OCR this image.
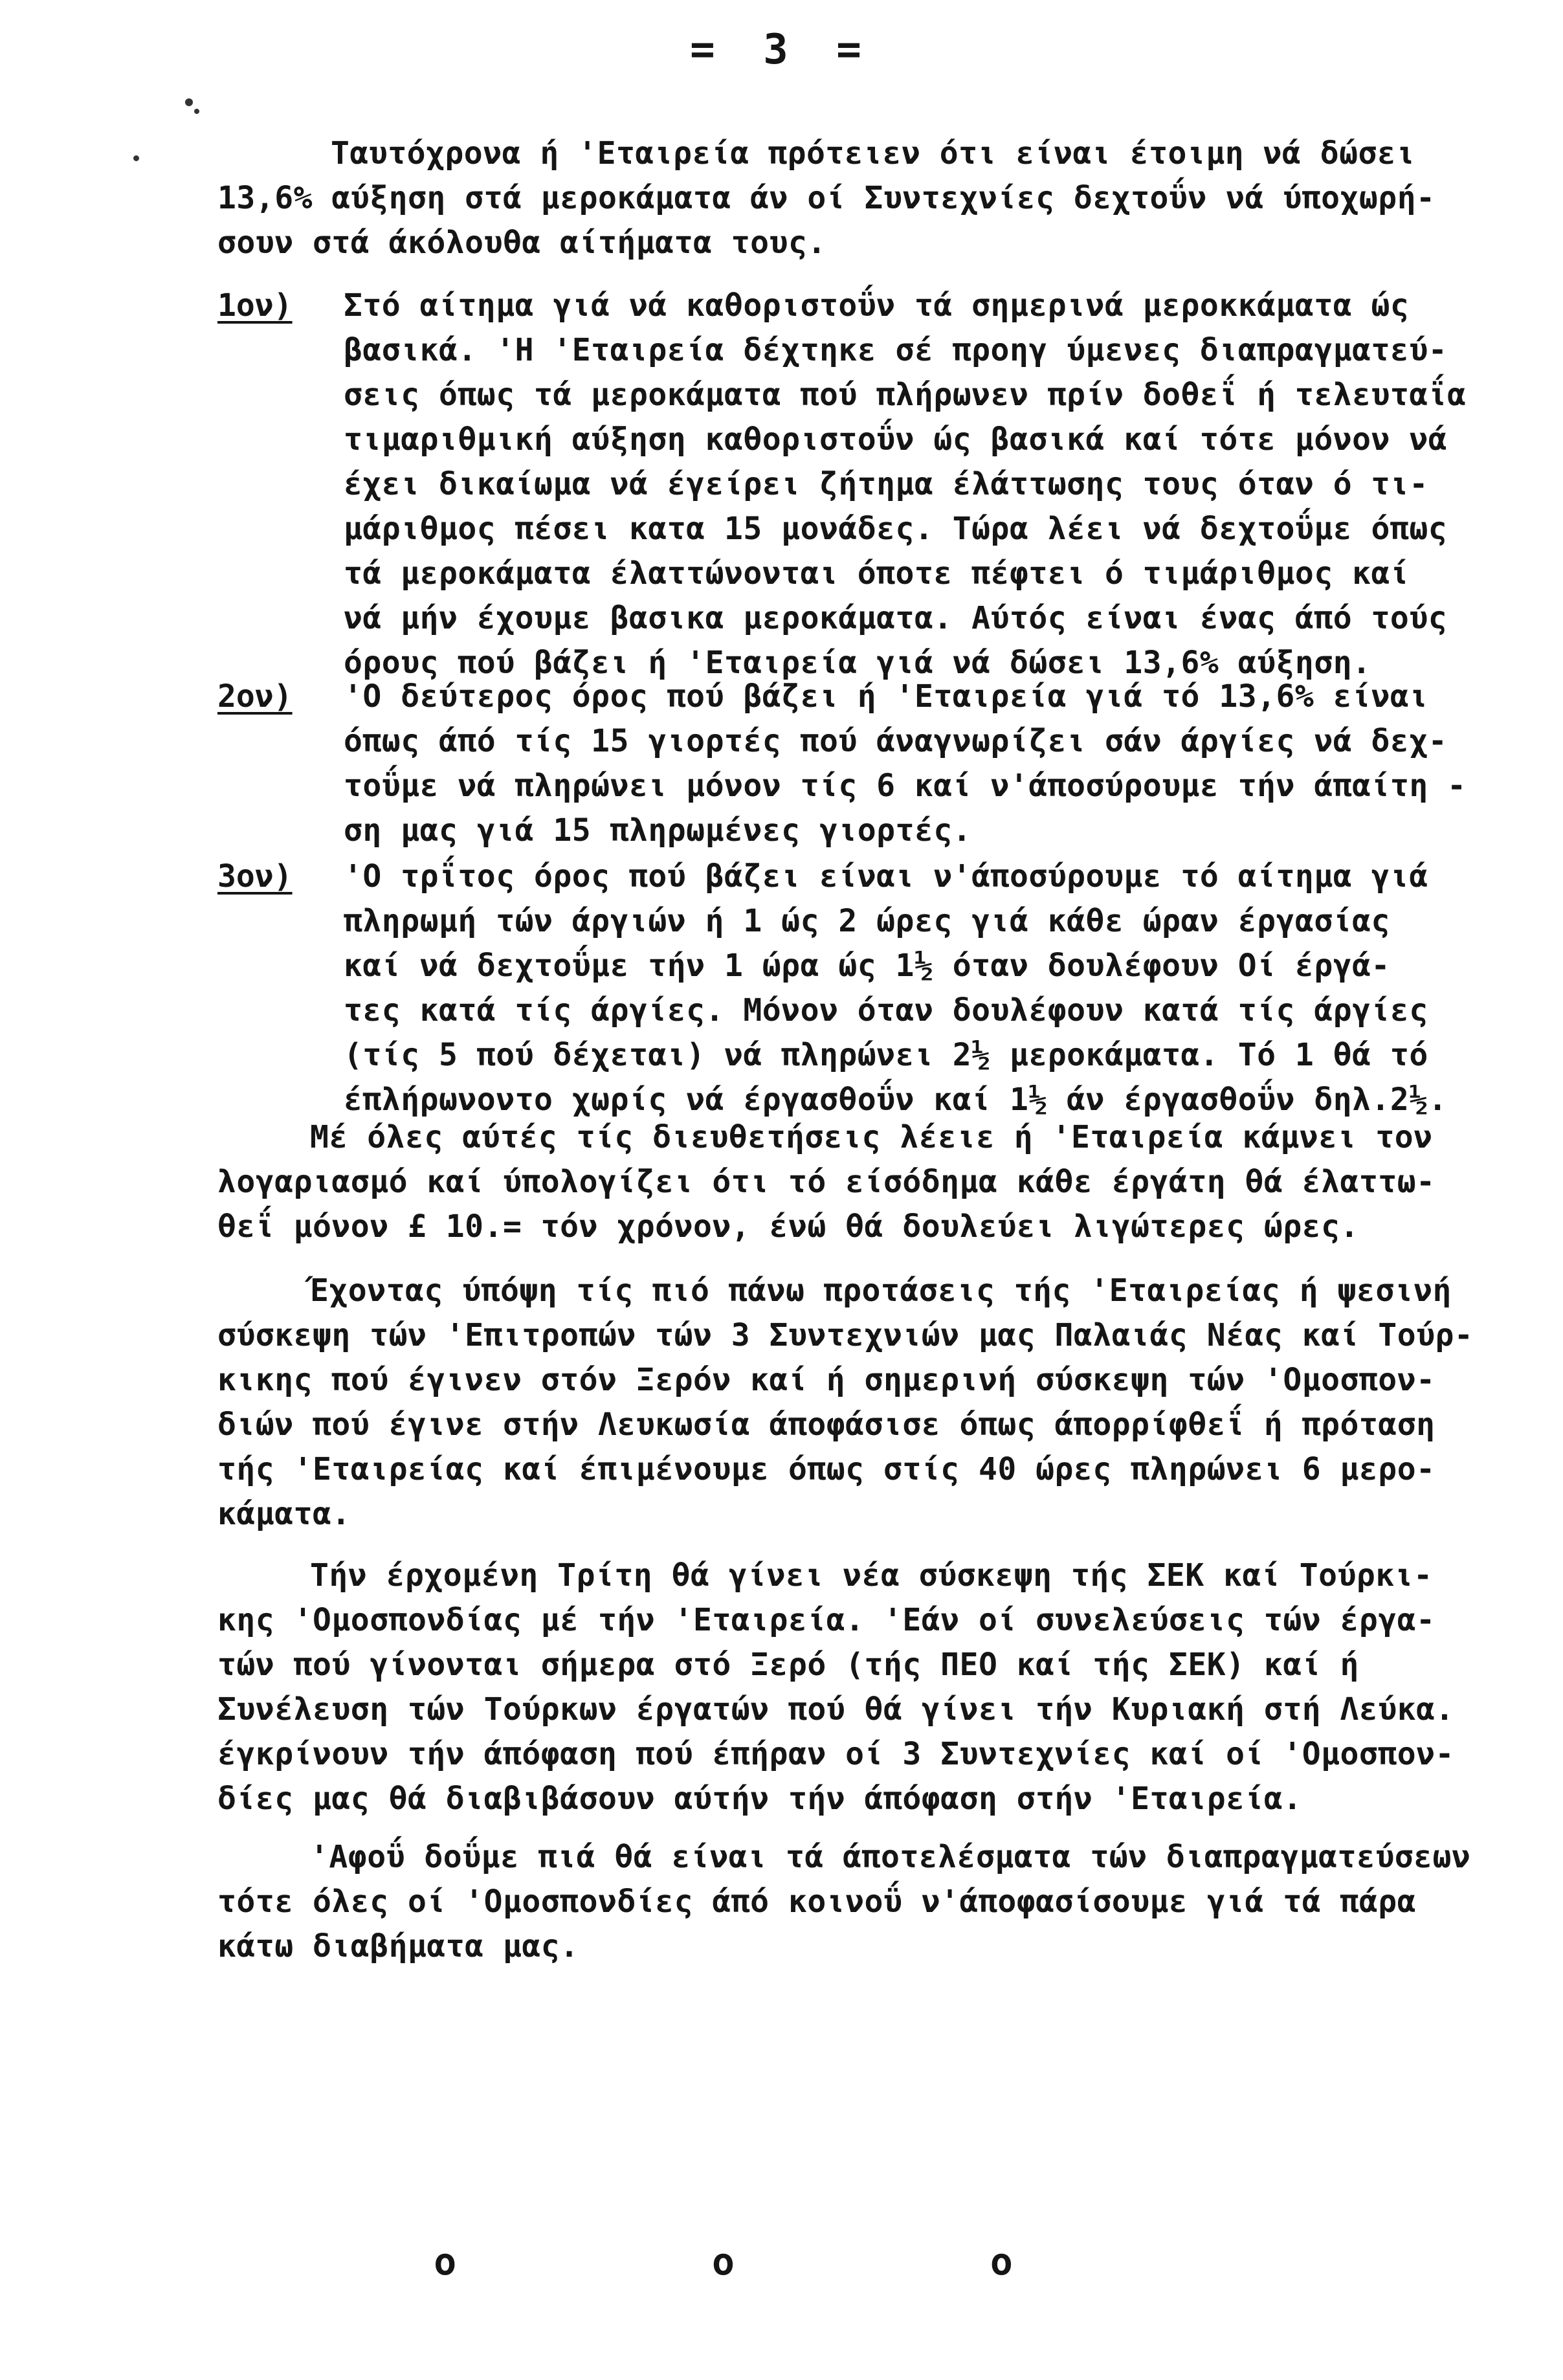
= 3 =
Ταυτόχρονα ή 'Εταιρεία πρότειεν ότι είναι έτοιμη νά δώσει
13,6% αύξηση στά μεροκάματα άν οί Συντεχνίες δεχτοΰν νά ύποχωρή-
σουν στά άκόλουθα αίτήματα τους.
1ον) Στό αίτημα γιά νά καθοριστοΰν τά σημερινά μεροκκάματα ώς
βασικά. 'Η 'Εταιρεία δέχτηκε σέ προηγ ύμενες διαπραγματεύ-
σεις όπως τά μεροκάματα πού πλήρωνεν πρίν δοθεΐ ή τελευταΐα
τιμαριθμική αύξηση καθοριστοΰν ώς βασικά καί τότε μόνον νά
έχει δικαίωμα νά έγείρει ζήτημα έλάττωσης τους όταν ό τι-
μάριθμος πέσει κατα 15 μονάδες. Τώρα λέει νά δεχτοΰμε όπως
τά μεροκάματα έλαττώνονται όποτε πέφτει ό τιμάριθμος καί
νά μήν έχουμε βασικα μεροκάματα. Αύτός είναι ένας άπό τούς
όρους πού βάζει ή 'Εταιρεία γιά νά δώσει 13,6% αύξηση.
2ον) 'Ο δεύτερος όρος πού βάζει ή 'Εταιρεία γιά τό 13,6% είναι
όπως άπό τίς 15 γιορτές πού άναγνωρίζει σάν άργίες νά δεχ-
τοΰμε νά πληρώνει μόνον τίς 6 καί ν'άποσύρουμε τήν άπαίτη -
ση μας γιά 15 πληρωμένες γιορτές.
3ον) 'Ο τρΐτος όρος πού βάζει είναι ν'άποσύρουμε τό αίτημα γιά
πληρωμή τών άργιών ή 1 ώς 2 ώρες γιά κάθε ώραν έργασίας
καί νά δεχτοΰμε τήν 1 ώρα ώς 1½ όταν δουλέφουν Οί έργά-
τες κατά τίς άργίες. Μόνον όταν δουλέφουν κατά τίς άργίες
(τίς 5 πού δέχεται) νά πληρώνει 2½ μεροκάματα. Τό 1 θά τό
έπλήρωνοντο χωρίς νά έργασθοΰν καί 1½ άν έργασθοΰν δηλ.2½.
Μέ όλες αύτές τίς διευθετήσεις λέειε ή 'Εταιρεία κάμνει τον
λογαριασμό καί ύπολογίζει ότι τό είσόδημα κάθε έργάτη θά έλαττω-
θεΐ μόνον £ 10.= τόν χρόνον, ένώ θά δουλεύει λιγώτερες ώρες.
Έχοντας ύπόψη τίς πιό πάνω προτάσεις τής 'Εταιρείας ή ψεσινή
σύσκεψη τών 'Επιτροπών τών 3 Συντεχνιών μας Παλαιάς Νέας καί Τούρ-
κικης πού έγινεν στόν Ξερόν καί ή σημερινή σύσκεψη τών 'Ομοσπον-
διών πού έγινε στήν Λευκωσία άποφάσισε όπως άπορρίφθεΐ ή πρόταση
τής 'Εταιρείας καί έπιμένουμε όπως στίς 40 ώρες πληρώνει 6 μερο-
κάματα.
Τήν έρχομένη Τρίτη θά γίνει νέα σύσκεψη τής ΣΕΚ καί Τούρκι-
κης 'Ομοσπονδίας μέ τήν 'Εταιρεία. 'Εάν οί συνελεύσεις τών έργα-
τών πού γίνονται σήμερα στό Ξερό (τής ΠΕΟ καί τής ΣΕΚ) καί ή
Συνέλευση τών Τούρκων έργατών πού θά γίνει τήν Κυριακή στή Λεύκα.
έγκρίνουν τήν άπόφαση πού έπήραν οί 3 Συντεχνίες καί οί 'Ομοσπον-
δίες μας θά διαβιβάσουν αύτήν τήν άπόφαση στήν 'Εταιρεία.
'Αφοΰ δοΰμε πιά θά είναι τά άποτελέσματα τών διαπραγματεύσεων
τότε όλες οί 'Ομοσπονδίες άπό κοινοΰ ν'άποφασίσουμε γιά τά πάρα
κάτω διαβήματα μας.
o o o
